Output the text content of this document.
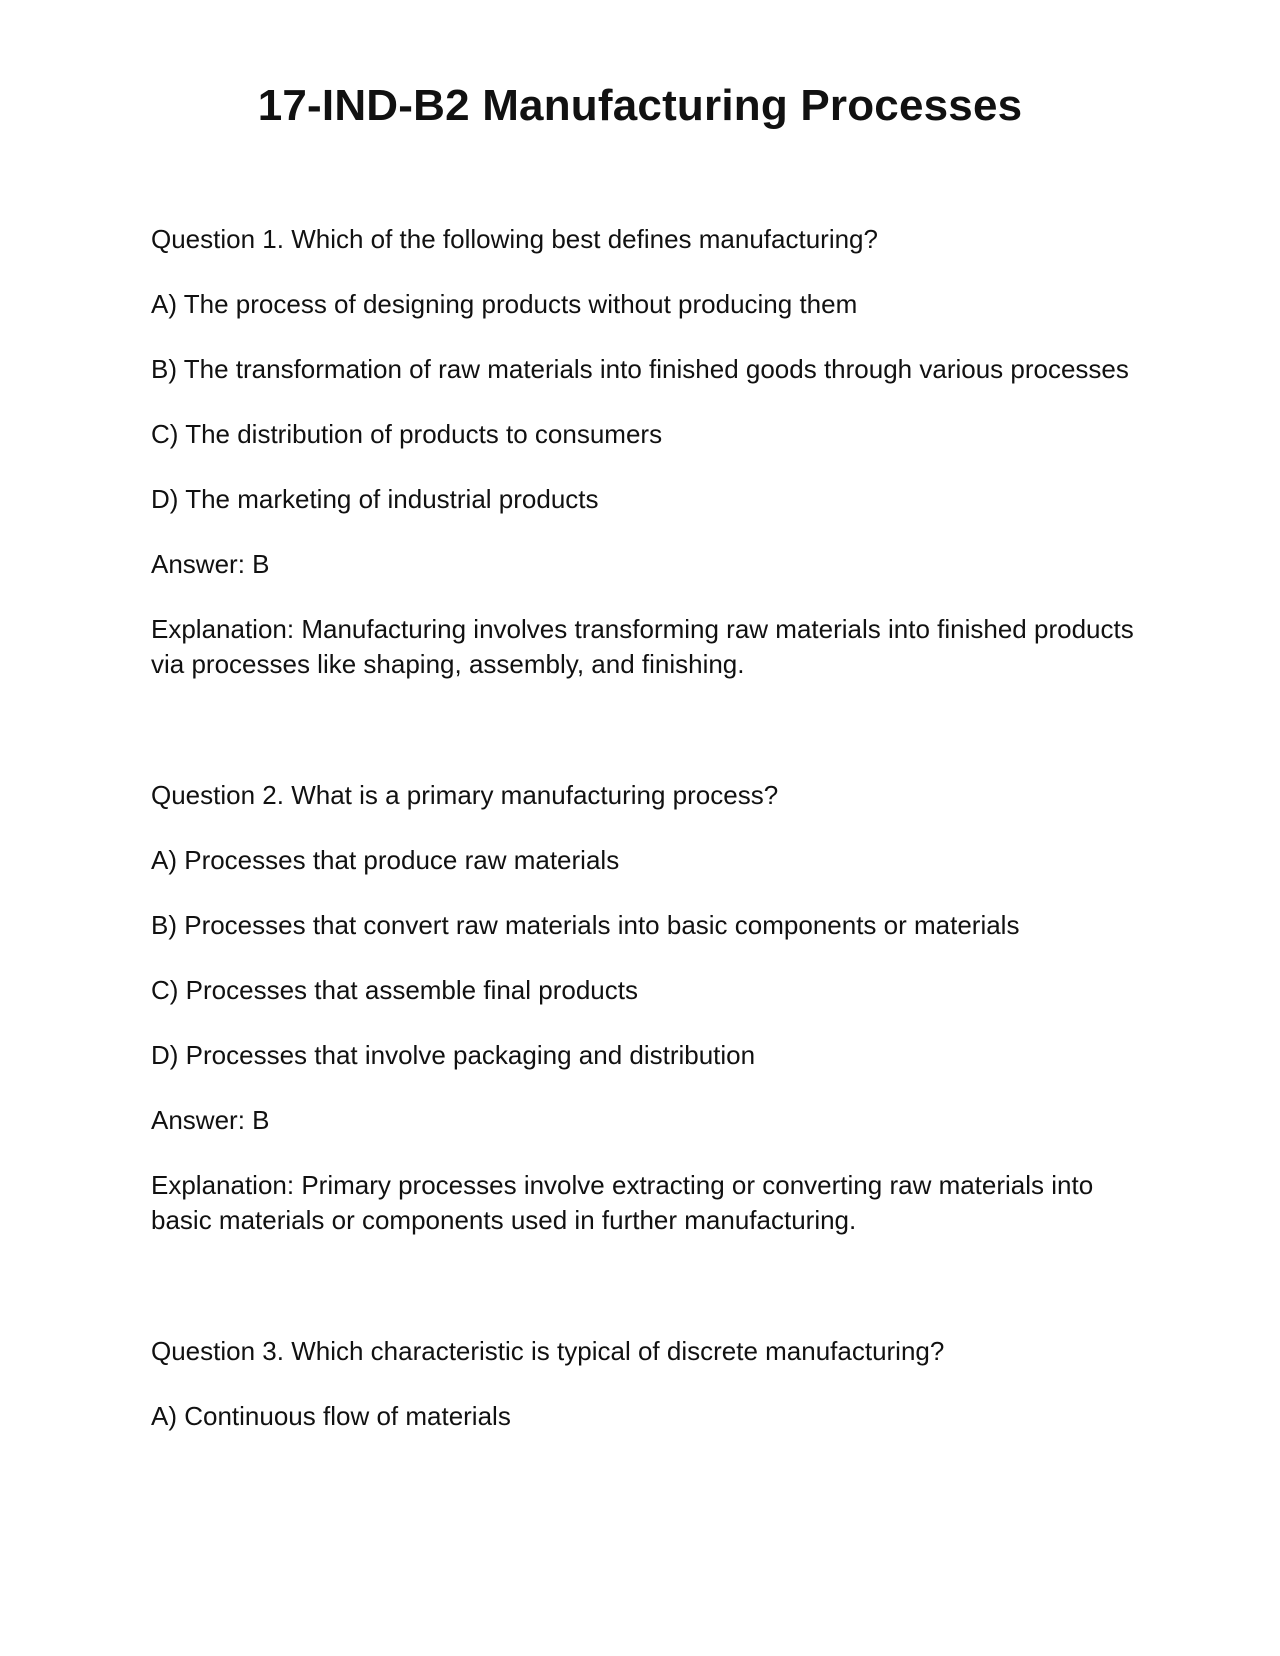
17-IND-B2 Manufacturing Processes

Question 1. Which of the following best defines manufacturing?

A) The process of designing products without producing them

B) The transformation of raw materials into finished goods through various processes

C) The distribution of products to consumers

D) The marketing of industrial products

Answer: B

Explanation: Manufacturing involves transforming raw materials into finished products via processes like shaping, assembly, and finishing.

Question 2. What is a primary manufacturing process?

A) Processes that produce raw materials

B) Processes that convert raw materials into basic components or materials

C) Processes that assemble final products

D) Processes that involve packaging and distribution

Answer: B

Explanation: Primary processes involve extracting or converting raw materials into basic materials or components used in further manufacturing.

Question 3. Which characteristic is typical of discrete manufacturing?

A) Continuous flow of materials
